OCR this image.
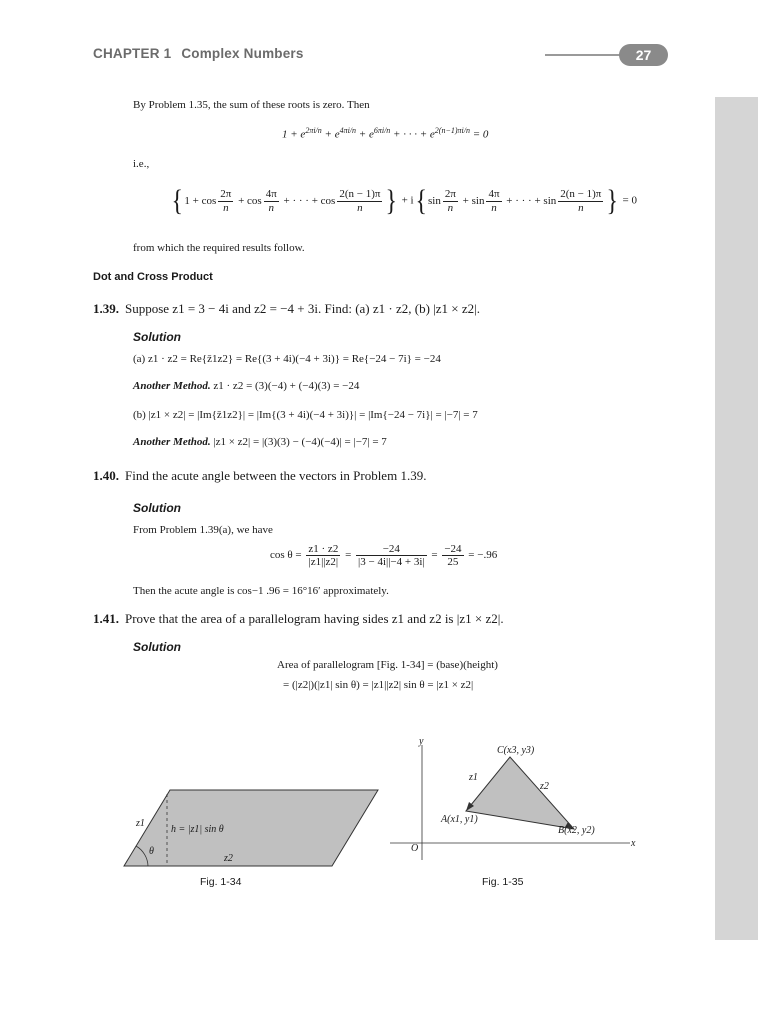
CHAPTER 1 Complex Numbers	27
By Problem 1.35, the sum of these roots is zero. Then
$1 + e^{2\pi i/n} + e^{4\pi i/n} + e^{6\pi i/n}$ + · · · + $e^{2(n-1)\pi i/n} = 0$
i.e.,
{$1 + \cos \frac{2\pi}{n} + \cos \frac{4\pi}{n}$ + · · · + $\cos \frac{2(n - 1)\pi}{n}$ } + $i\{\sin \frac{2\pi}{n} + \sin \frac{4\pi}{n}$ + · · · + $\sin \frac{2(n - 1)\pi}{n}$ } = 0
from which the required results follow.
Dot and Cross Product
1.39. Suppose z1 = 3 − 4i and z2 = −4 + 3i. Find: (a) z1 · z2, (b) |z1 × z2|.
Solution
(a) z1 · z2 = Re{z̄1z2} = Re{(3 + 4i)(−4 + 3i)} = Re{−24 − 7i} = −24
Another Method. z1 · z2 = (3)(−4) + (−4)(3) = −24
(b) |z1 × z2| = |Im{z̄1z2}| = |Im{(3 + 4i)(−4 + 3i)}| = |Im{−24 − 7i}| = |−7| = 7
Another Method. |z1 × z2| = |(3)(3) − (−4)(−4)| = |−7| = 7
1.40. Find the acute angle between the vectors in Problem 1.39.
Solution
From Problem 1.39(a), we have
$\cos \theta = \frac{z1 \cdot z2}{|z1||z2|} = \frac{-24}{|3 - 4i||-4 + 3i|} = \frac{-24}{25} = -.96$
Then the acute angle is cos−1 .96 = 16°16′ approximately.
1.41. Prove that the area of a parallelogram having sides z1 and z2 is |z1 × z2|.
Solution
Area of parallelogram [Fig. 1-34] = (base)(height)
= (|z2|)(|z1| sin θ) = |z1||z2| sin θ = |z1 × z2|
z1
h = |z1| sin θ
θ
z2
Fig. 1-34
y
x
O
C(x3, y3)
A(x1, y1)
B(x2, y2)
z1
z2
Fig. 1-35
